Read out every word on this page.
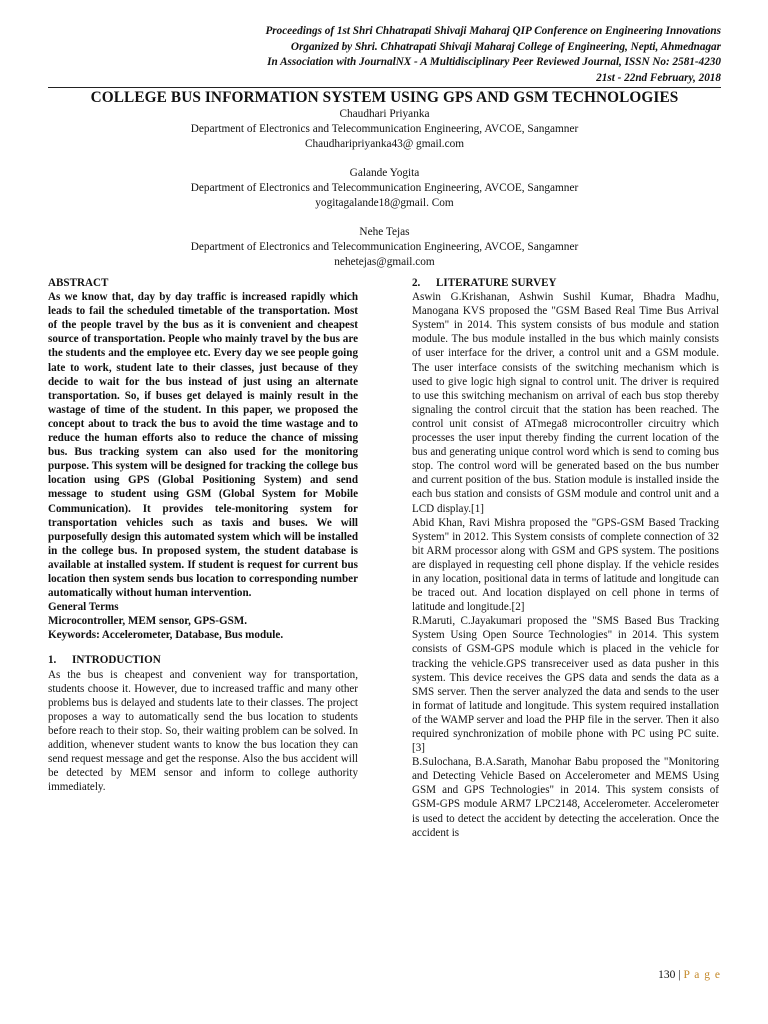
Proceedings of 1st Shri Chhatrapati Shivaji Maharaj QIP Conference on Engineering Innovations
Organized by Shri. Chhatrapati Shivaji Maharaj College of Engineering, Nepti, Ahmednagar
In Association with JournalNX - A Multidisciplinary Peer Reviewed Journal, ISSN No: 2581-4230
21st - 22nd February, 2018
COLLEGE BUS INFORMATION SYSTEM USING GPS AND GSM TECHNOLOGIES
Chaudhari Priyanka
Department of Electronics and Telecommunication Engineering, AVCOE, Sangamner
Chaudharipriyanka43@ gmail.com
Galande Yogita
Department of Electronics and Telecommunication Engineering, AVCOE, Sangamner
yogitagalande18@gmail. Com
Nehe Tejas
Department of Electronics and Telecommunication Engineering, AVCOE, Sangamner
nehetejas@gmail.com

ABSTRACT

As we know that, day by day traffic is increased rapidly which leads to fail the scheduled timetable of the transportation. Most of the people travel by the bus as it is convenient and cheapest source of transportation. People who mainly travel by the bus are the students and the employee etc. Every day we see people going late to work, student late to their classes, just because of they decide to wait for the bus instead of just using an alternate transportation. So, if buses get delayed is mainly result in the wastage of time of the student. In this paper, we proposed the concept about to track the bus to avoid the time wastage and to reduce the human efforts also to reduce the chance of missing bus. Bus tracking system can also used for the monitoring purpose. This system will be designed for tracking the college bus location using GPS (Global Positioning System) and send message to student using GSM (Global System for Mobile Communication). It provides tele-monitoring system for transportation vehicles such as taxis and buses. We will purposefully design this automated system which will be installed in the college bus. In proposed system, the student database is available at installed system. If student is request for current bus location then system sends bus location to corresponding number automatically without human intervention.

General Terms

Microcontroller, MEM sensor, GPS-GSM.

Keywords: Accelerometer, Database, Bus module.

1. INTRODUCTION

As the bus is cheapest and convenient way for transportation, students choose it. However, due to increased traffic and many other problems bus is delayed and students late to their classes. The project proposes a way to automatically send the bus location to students before reach to their stop. So, their waiting problem can be solved. In addition, whenever student wants to know the bus location they can send request message and get the response. Also the bus accident will be detected by MEM sensor and inform to college authority immediately.

2. LITERATURE SURVEY

Aswin G.Krishanan, Ashwin Sushil Kumar, Bhadra Madhu, Manogana KVS proposed the "GSM Based Real Time Bus Arrival System" in 2014. This system consists of bus module and station module. The bus module installed in the bus which mainly consists of user interface for the driver, a control unit and a GSM module. The user interface consists of the switching mechanism which is used to give logic high signal to control unit. The driver is required to use this switching mechanism on arrival of each bus stop thereby signaling the control circuit that the station has been reached. The control unit consist of ATmega8 microcontroller circuitry which processes the user input thereby finding the current location of the bus and generating unique control word which is send to coming bus stop. The control word will be generated based on the bus number and current position of the bus. Station module is installed inside the each bus station and consists of GSM module and control unit and a LCD display.[1]

Abid Khan, Ravi Mishra proposed the "GPS-GSM Based Tracking System" in 2012. This System consists of complete connection of 32 bit ARM processor along with GSM and GPS system. The positions are displayed in requesting cell phone display. If the vehicle resides in any location, positional data in terms of latitude and longitude can be traced out. And location displayed on cell phone in terms of latitude and longitude.[2]

R.Maruti, C.Jayakumari proposed the "SMS Based Bus Tracking System Using Open Source Technologies" in 2014. This system consists of GSM-GPS module which is placed in the vehicle for tracking the vehicle.GPS transreceiver used as data pusher in this system. This device receives the GPS data and sends the data as a SMS server. Then the server analyzed the data and sends to the user in format of latitude and longitude. This system required installation of the WAMP server and load the PHP file in the server. Then it also required synchronization of mobile phone with PC using PC suite.[3]

B.Sulochana, B.A.Sarath, Manohar Babu proposed the "Monitoring and Detecting Vehicle Based on Accelerometer and MEMS Using GSM and GPS Technologies" in 2014. This system consists of GSM-GPS module ARM7 LPC2148, Accelerometer. Accelerometer is used to detect the accident by detecting the acceleration. Once the accident is

130 | P a g e
